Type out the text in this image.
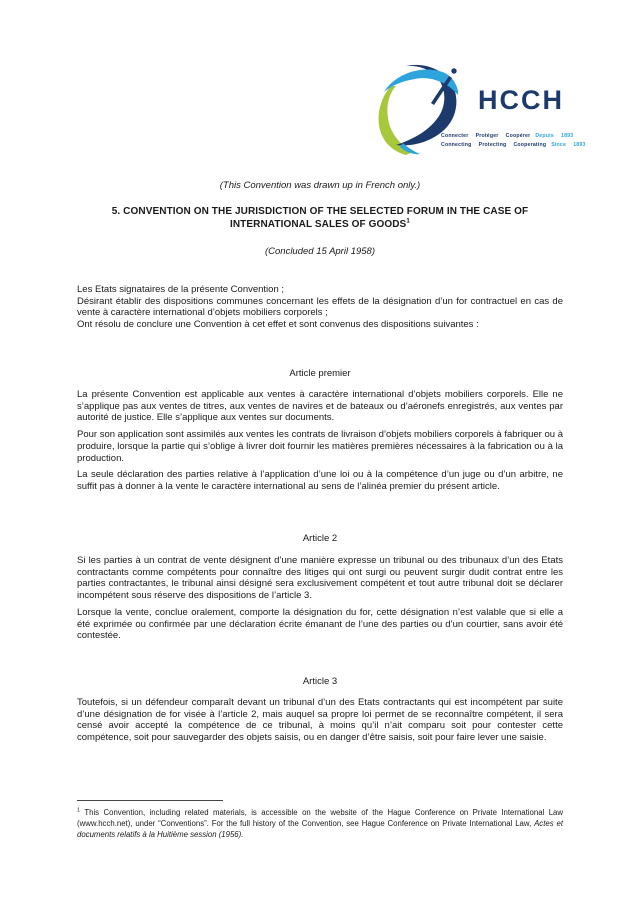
HCCH
Connecter Protéger Coopérer Depuis 1893
Connecting Protecting Cooperating Since 1893

(This Convention was drawn up in French only.)

5. CONVENTION ON THE JURISDICTION OF THE SELECTED FORUM IN THE CASE OF INTERNATIONAL SALES OF GOODS$^1$

(Concluded 15 April 1958)

Les Etats signataires de la présente Convention ;

Désirant établir des dispositions communes concernant les effets de la désignation d’un for contractuel en cas de vente à caractère international d’objets mobiliers corporels ;

Ont résolu de conclure une Convention à cet effet et sont convenus des dispositions suivantes :

Article premier

La présente Convention est applicable aux ventes à caractère international d’objets mobiliers corporels. Elle ne s’applique pas aux ventes de titres, aux ventes de navires et de bateaux ou d’aéronefs enregistrés, aux ventes par autorité de justice. Elle s’applique aux ventes sur documents.

Pour son application sont assimilés aux ventes les contrats de livraison d’objets mobiliers corporels à fabriquer ou à produire, lorsque la partie qui s’oblige à livrer doit fournir les matières premières nécessaires à la fabrication ou à la production.

La seule déclaration des parties relative à l’application d’une loi ou à la compétence d’un juge ou d’un arbitre, ne suffit pas à donner à la vente le caractère international au sens de l’alinéa premier du présent article.

Article 2

Si les parties à un contrat de vente désignent d’une manière expresse un tribunal ou des tribunaux d’un des Etats contractants comme compétents pour connaître des litiges qui ont surgi ou peuvent surgir dudit contrat entre les parties contractantes, le tribunal ainsi désigné sera exclusivement compétent et tout autre tribunal doit se déclarer incompétent sous réserve des dispositions de l’article 3.

Lorsque la vente, conclue oralement, comporte la désignation du for, cette désignation n’est valable que si elle a été exprimée ou confirmée par une déclaration écrite émanant de l’une des parties ou d’un courtier, sans avoir été contestée.

Article 3

Toutefois, si un défendeur comparaît devant un tribunal d’un des Etats contractants qui est incompétent par suite d’une désignation de for visée à l’article 2, mais auquel sa propre loi permet de se reconnaître compétent, il sera censé avoir accepté la compétence de ce tribunal, à moins qu’il n’ait comparu soit pour contester cette compétence, soit pour sauvegarder des objets saisis, ou en danger d’être saisis, soit pour faire lever une saisie.

$^1$ This Convention, including related materials, is accessible on the website of the Hague Conference on Private International Law (www.hcch.net), under “Conventions”. For the full history of the Convention, see Hague Conference on Private International Law, Actes et documents relatifs à la Huitième session (1956).
